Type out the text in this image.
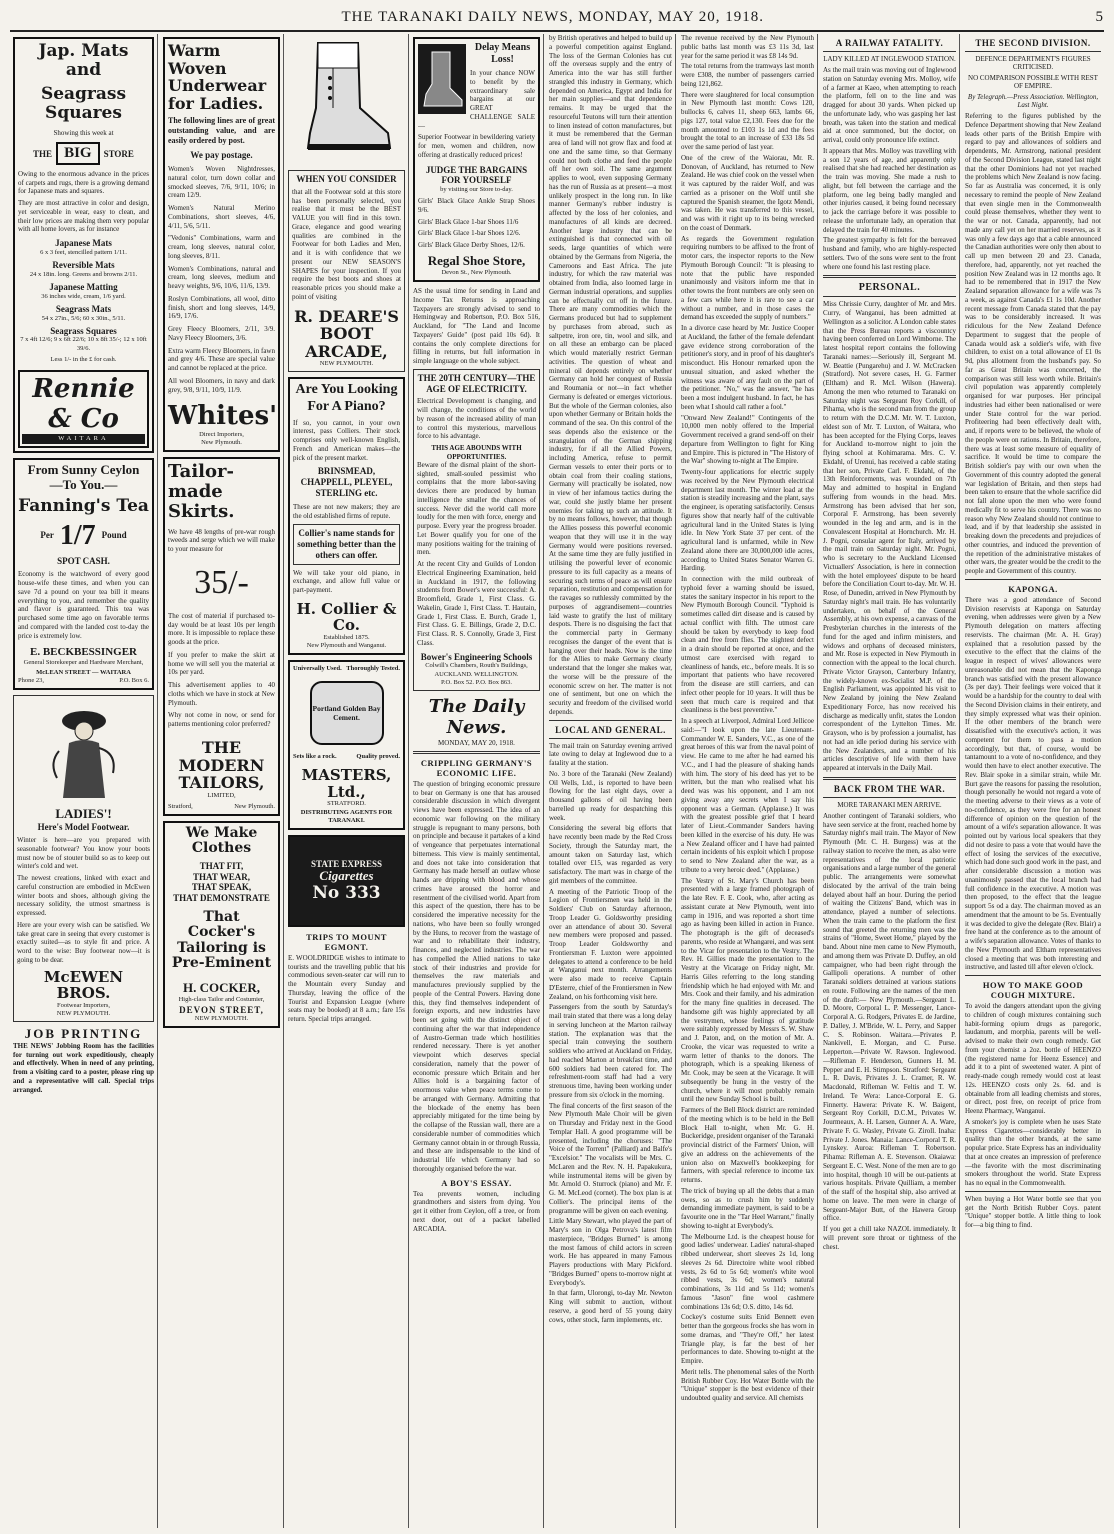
THE TARANAKI DAILY NEWS, MONDAY, MAY 20, 1918.	5
Jap. Mats and
Seagrass Squares
Showing this week at
THE BIG STORE
Owing to the enormous advance in the prices of carpets and rugs, there is a growing demand for Japanese mats and squares.
They are most attractive in color and design, yet serviceable in wear, easy to clean, and their low prices are making them very popular with all home lovers, as for instance
Japanese Mats
6 x 3 feet, stencilled pattern 1/11.
Reversible Mats
24 x 18in. long. Greens and browns 2/11.
Japanese Matting
36 inches wide, cream, 1/6 yard.
Seagrass Mats
54 x 27in., 5/6; 60 x 30in., 5/11.
Seagrass Squares
7 x 4ft 12/6; 9 x 6ft 22/6; 10 x 8ft 35/-; 12 x 10ft 39/6.
Less 1/- in the £ for cash.
Rennie & Co
WAITARA
From Sunny Ceylon
—To You.—
Fanning's Tea
Per 1/7 Pound
SPOT CASH.
Economy is the watchword of every good house-wife these times, and when you can save 7d a pound on your tea bill it means everything to you, and remember the quality and flavor is guaranteed. This tea was purchased some time ago on favorable terms and compared with the landed cost to-day the price is extremely low.
E. BECKBESSINGER
General Storekeeper and Hardware Merchant,
McLEAN STREET — WAITARA
Phone 23,	P.O. Box 6.
LADIES'!
Here's Model Footwear.
Winter is here—are you prepared with seasonable footwear? You know your boots must now be of stouter build so as to keep out winter's cold and wet.
The newest creations, linked with exact and careful construction are embodied in McEwen winter boots and shoes, although giving the necessary solidity, the utmost smartness is expressed.
Here are your every wish can be satisfied. We take great care in seeing that every customer is exactly suited—as to style fit and price. A word to the wise: Buy footwear now—it is going to be dear.
McEWEN BROS.
Footwear Importers,
NEW PLYMOUTH.
JOB PRINTING
THE NEWS' Jobbing Room has the facilities for turning out work expeditiously, cheaply and effectively. When in need of any printing, from a visiting card to a poster, please ring up and a representative will call. Special trips arranged.
Warm Woven Underwear for Ladies.
The following lines are of great outstanding value, and are easily ordered by post.
We pay postage.
Women's Woven Nightdresses, natural color, turn down collar and smocked sleeves, 7/6, 9/11, 10/6; in cream 12/9.
Women's Natural Merino Combinations, short sleeves, 4/6, 4/11, 5/6, 5/11.
"Vedonis" Combinations, warm and cream, long sleeves, natural color, long sleeves, 8/11.
Women's Combinations, natural and cream, long sleeves, medium and heavy weights, 9/6, 10/6, 11/6, 13/9.
Roslyn Combinations, all wool, ditto finish, short and long sleeves, 14/9, 16/9, 17/6.
Grey Fleecy Bloomers, 2/11, 3/9. Navy Fleecy Bloomers, 3/6.
Extra warm Fleecy Bloomers, in fawn and grey 4/6. These are special value and cannot be replaced at the price.
All wool Bloomers, in navy and dark grey, 9/8, 9/11, 10/9, 11/9.
Whites'
Direct Importers,
New Plymouth.
Tailor-made Skirts.
We have 48 lengths of pre-war rough tweeds and serge which we will make to your measure for
35/-
The cost of material if purchased to-day would be at least 10s per length more. It is impossible to replace these goods at the price.
If you prefer to make the skirt at home we will sell you the material at 10s per yard.
This advertisement applies to 40 cloths which we have in stock at New Plymouth.
Why not come in now, or send for patterns mentioning color preferred?
THE MODERN TAILORS,
LIMITED,
Stratford,	New Plymouth.
We Make Clothes
THAT FIT,
THAT WEAR,
THAT SPEAK,
THAT DEMONSTRATE
That Cocker's Tailoring is Pre-Eminent
H. COCKER,
High-class Tailor and Costumier,
DEVON STREET,
NEW PLYMOUTH.
WHEN YOU CONSIDER
that all the Footwear sold at this store has been personally selected, you realise that it must be the BEST VALUE you will find in this town. Grace, elegance and good wearing qualities are combined in the Footwear for both Ladies and Men, and it is with confidence that we present our NEW SEASON'S SHAPES for your inspection. If you require the best boots and shoes at reasonable prices you should make a point of visiting
R. DEARE'S BOOT ARCADE,
NEW PLYMOUTH.
Are You Looking For A Piano?
If so, you cannot, in your own interest, pass Colliers. Their stock comprises only well-known English, French and American makes—the pick of the present market.
BRINSMEAD, CHAPPELL, PLEYEL, STERLING etc.
These are not new makers; they are the old established firms of repute.
Collier's name stands for something better than the others can offer.
We will take your old piano, in exchange, and allow full value or part-payment.
H. Collier & Co.
Established 1875.
New Plymouth and Wanganui.
Universally Used. Thoroughly Tested.
Portland Golden Bay Cement.
Sets like a rock.	Quality proved.
MASTERS, Ltd.,
STRATFORD.
DISTRIBUTING AGENTS FOR TARANAKI.
STATE EXPRESS
Cigarettes
No 333
TRIPS TO MOUNT EGMONT.
E. WOOLDRIDGE wishes to intimate to tourists and the travelling public that his commodious seven-seater car will run to the Mountain every Sunday and Thursday, leaving the office of the Tourist and Expansion League (where seats may be booked) at 8 a.m.; fare 15s return. Special trips arranged.
Delay Means Loss!
In your chance NOW to benefit by the extraordinary sale bargains at our GREAT CHALLENGE SALE—
Superior Footwear in bewildering variety for men, women and children, now offering at drastically reduced prices!
JUDGE THE BARGAINS FOR YOURSELF
by visiting our Store to-day.
Girls' Black Glace Ankle Strap Shoes 9/6.
Girls' Black Glace 1-bar Shoes 11/6
Girls' Black Glace 1-bar Shoes 12/6.
Girls' Black Glace Derby Shoes, 12/6.
Regal Shoe Store,
Devon St., New Plymouth.
AS the usual time for sending in Land and Income Tax Returns is approaching Taxpayers are strongly advised to send to Hemingway and Robertson, P.O. Box 516, Auckland, for "The Land and Income Taxpayers' Guide" (post paid 10s 6d). It contains the only complete directions for filling in returns, but full information in simple language on the whole subject.
THE 20TH CENTURY—THE AGE OF ELECTRICITY.
Electrical Development is changing, and will change, the conditions of the world by reason of the increased ability of man to control this mysterious, marvellous force to his advantage.
THIS AGE ABOUNDS WITH OPPORTUNITIES.
Beware of the dismal plaint of the short-sighted, small-souled pessimist who complains that the more labor-saving devices there are produced by human intelligence the smaller the chances of success. Never did the world call more loudly for the men with force, energy and purpose. Every year the progress broader. Let Bower qualify you for one of the many positions waiting for the training of men.
At the recent City and Guilds of London Electrical Engineering Examination, held in Auckland in 1917, the following students from Bower's were successful: A. Broomfield, Grade 1, First Class. G. Wakelin, Grade 1, First Class. T. Hautain, Grade 1, First Class. E. Burch, Grade 1, First Class. G. E. Billings, Grade 2, D.C. First Class. R. S. Connolly, Grade 3, First Class.
Bower's Engineering Schools
Colwill's Chambers, Routh's Buildings,
AUCKLAND. WELLINGTON.
P.O. Box 52. P.O. Box 863.
The Daily News.
MONDAY, MAY 20, 1918.
CRIPPLING GERMANY'S ECONOMIC LIFE.
The question of bringing economic pressure to bear on Germany is one that has aroused considerable discussion in which divergent views have been expressed. The idea of an economic war following on the military struggle is repugnant to many persons, both on principle and because it partakes of a kind of vengeance that perpetuates international bitterness. This view is mainly sentimental, and does not take into consideration that Germany has made herself an outlaw whose hands are dripping with blood and whose crimes have aroused the horror and resentment of the civilised world. Apart from this aspect of the question, there has to be considered the imperative necessity for the nations, who have been so foully wronged by the Huns, to recover from the wastage of war and to rehabilitate their industry, finances, and neglected industries. The war has compelled the Allied nations to take stock of their industries and provide for themselves the raw materials and manufactures previously supplied by the people of the Central Powers. Having done this, they find themselves independent of foreign exports, and new industries have been set going with the distinct object of continuing after the war that independence of Austro-German trade which hostilities rendered necessary. There is yet another viewpoint which deserves special consideration, namely that the power of economic pressure which Britain and her Allies hold is a bargaining factor of enormous value when peace terms come to be arranged with Germany. Admitting that the blockade of the enemy has been appreciably mitigated for the time being by the collapse of the Russian wall, there are a considerable number of commodities which Germany cannot obtain in or through Russia, and these are indispensable to the kind of industrial life which Germany had so thoroughly organised before the war.
A BOY'S ESSAY.
Tea prevents women, including grandmothers and sisters from dying. You get it either from Ceylon, off a tree, or from next door, out of a packet labelled ARCADIA.
by British operatives and helped to build up a powerful competition against England. The loss of the German Colonies has cut off the overseas supply and the entry of America into the war has still further strangled this industry in Germany, which depended on America, Egypt and India for her main supplies—and that dependence remains. It may be urged that the resourceful Teutons will turn their attention to linen instead of cotton manufactures, but it must be remembered that the German area of land will not grow flax and food at one and the same time, so that Germany could not both clothe and feed the people off her own soil. The same argument applies to wool, even supposing Germany has the run of Russia as at present—a most unlikely prospect in the long run. In like manner Germany's rubber industry is affected by the loss of her colonies, and manufactures of all kinds are decreed. Another large industry that can be extinguished is that connected with oil seeds, large quantities of which were obtained by the Germans from Nigeria, the Cameroons and East Africa. The jute industry, for which the raw material was obtained from India, also loomed large in German industrial operations, and supplies can be effectually cut off in the future. There are many commodities which the Germans produced but had to supplement by purchases from abroad, such as saltpetre, iron ore, tin, wool and silk, and on all these an embargo can be placed which would materially restrict German activities. The question of wheat and mineral oil depends entirely on whether Germany can hold her conquest of Russia and Roumania or not—in fact whether Germany is defeated or emerges victorious. But the whole of the German colonies, also upon whether Germany or Britain holds the command of the sea. On this control of the seas depends also the existence or the strangulation of the German shipping industry, for if all the Allied Powers, including America, refuse to permit German vessels to enter their ports or to obtain coal from their coaling stations, Germany will practically be isolated, now in view of her infamous tactics during the war, could she justly blame her present enemies for taking up such an attitude. It by no means follows, however, that though the Allies possess this powerful economic weapon that they will use it in the way Germany would were positions reversed. At the same time they are fully justified in utilising the powerful lever of economic pressure to its full capacity as a means of securing such terms of peace as will ensure reparation, restitution and compensation for the ravages so ruthlessly committed by the purposes of aggrandisement—countries laid waste to gratify the lust of military despots. There is no disguising the fact that the commercial party in Germany recognises the danger of the event that is hanging over their heads. Now is the time for the Allies to make Germany clearly understand that the longer she makes war, the worse will be the pressure of the economic screw on her. The matter is not one of sentiment, but one on which the security and freedom of the civilised world depends.
LOCAL AND GENERAL.
The mail train on Saturday evening arrived late owing to delay at Inglewood due to a fatality at the station.
No. 3 bore of the Taranaki (New Zealand) Oil Wells, Ltd., is reported to have been flowing for the last eight days, over a thousand gallons of oil having been barrelled up ready for despatching this week.
Considering the several big efforts that have recently been made by the Red Cross Society, through the Saturday mart, the amount taken on Saturday last, which totalled over £15, was regarded as very satisfactory. The mart was in charge of the girl members of the committee.
A meeting of the Patriotic Troop of the Legion of Frontiersmen was held in the Soldiers' Club on Saturday afternoon, Troop Leader G. Goldsworthy presiding over an attendance of about 30. Several new members were proposed and passed. Troop Leader Goldsworthy and Frontiersman F. Luxton were appointed delegates to attend a conference to be held at Wanganui next month. Arrangements were also made to receive Captain D'Esterre, chief of the Frontiersmen in New Zealand, on his forthcoming visit here.
Passengers from the south by Saturday's mail train stated that there was a long delay in serving luncheon at the Marton railway station. The explanation was that the special train conveying the southern soldiers who arrived at Auckland on Friday, had reached Marton at breakfast time, and 600 soldiers had been catered for. The refreshment-room staff had had a very strenuous time, having been working under pressure from six o'clock in the morning.
The final concerts of the first season of the New Plymouth Male Choir will be given on Thursday and Friday next in the Good Templar Hall. A good programme will be presented, including the choruses: "The Voice of the Torrent" (Palliard) and Balfe's "Excelsior." The vocalists will be Mrs. C. McLaren and the Rev. N. H. Papakukura, while instrumental items will be given by Mr. Arnold O. Sturrock (piano) and Mr. F. G. M. McLeod (cornet). The box plan is at Collier's. The principal items of the programme will be given on each evening.
Little Mary Stewart, who played the part of Mary's son in Olga Petrova's latest film masterpiece, "Bridges Burned" is among the most famous of child actors in screen work. He has appeared in many Famous Players productions with Mary Pickford. "Bridges Burned" opens to-morrow night at Everybody's.
In that farm, Ulorongi, to-day Mr. Newton King will submit to auction, without reserve, a good herd of 55 young dairy cows, other stock, farm implements, etc.
The revenue received by the New Plymouth public baths last month was £3 11s 3d, last year for the same period it was £8 14s 9d.
The total returns from the tramways last month were £308, the number of passengers carried being 121,862.
There were slaughtered for local consumption in New Plymouth last month: Cows 120, bullocks 6, calves 11, sheep 663, lambs 66, pigs 127, total value £2,130. Fees due for the month amounted to £103 1s 1d and the fees brought the total to an increase of £33 18s 5d over the same period of last year.
One of the crew of the Waiorau, Mr. R. Donovan, of Auckland, has returned to New Zealand. He was chief cook on the vessel when it was captured by the raider Wolf, and was carried as a prisoner on the Wolf until she captured the Spanish steamer, the Igotz Mendi, was taken. He was transferred to this vessel, and was with it right up to its being wrecked on the coast of Denmark.
As regards the Government regulation requiring numbers to be affixed to the front of motor cars, the inspector reports to the New Plymouth Borough Council: "It is pleasing to note that the public have responded unanimously and visitors inform me that in other towns the front numbers are only seen on a few cars while here it is rare to see a car without a number, and in those cases the demand has exceeded the supply of numbers."
In a divorce case heard by Mr. Justice Cooper at Auckland, the father of the female defendant gave evidence strong corroboration of the petitioner's story, and in proof of his daughter's misconduct. His Honour remarked upon the unusual situation, and asked whether the witness was aware of any fault on the part of the petitioner. "No," was the answer, "he has been a most indulgent husband. In fact, he has been what I should call rather a fool."
"Onward New Zealand!" Contingents of the 10,000 men nobly offered to the Imperial Government received a grand send-off on their departure from Wellington to fight for King and Empire. This is pictured in "The History of the War" showing to-night at The Empire.
Twenty-four applications for electric supply was received by the New Plymouth electrical department last month. The winter load at the station is steadily increasing and the plant, says the engineer, is operating satisfactorily. Census figures show that nearly half of the cultivable agricultural land in the United States is lying idle. In New York State 37 per cent. of the agricultural land is unfarmed, while in New Zealand alone there are 30,000,000 idle acres, according to United States Senator Warren G. Harding.
In connection with the mild outbreak of typhoid fever a warning should be issued, states the sanitary inspector in his report to the New Plymouth Borough Council. "Typhoid is sometimes called dirt disease and is caused by actual conflict with filth. The utmost care should be taken by everybody to keep food clean and free from flies. The slightest defect in a drain should be reported at once, and the utmost care exercised with regard to cleanliness of hands, etc., before meals. It is so important that patients who have recovered from the disease are still carriers, and can infect other people for 10 years. It will thus be seen that much care is required and that cleanliness is the best preventive."
In a speech at Liverpool, Admiral Lord Jellicoe said:—"I look upon the late Lieutenant-Commander W. E. Sanders, V.C., as one of the great heroes of this war from the naval point of view. He came to me after he had earned his V.C., and I had the pleasure of shaking hands with him. The story of his deed has yet to be written, but the man who realised what his deed was was his opponent, and I am not giving away any secrets when I say his opponent was a German. (Applause.) It was with the greatest possible grief that I heard later of Lieut.-Commander Sanders having been killed in the exercise of his duty. He was a New Zealand officer and I have had painted certain incidents of his exploit which I propose to send to New Zealand after the war, as a tribute to a very heroic deed." (Applause.)
The Vestry of St. Mary's Church has been presented with a large framed photograph of the late Rev. F. E. Cook, who, after acting as assistant curate at New Plymouth, went into camp in 1916, and was reported a short time ago as having been killed in action in France. The photograph is the gift of deceased's parents, who reside at Whangarei, and was sent to the Vicar for presentation to the Vestry. The Rev. H. Gillies made the presentation to the Vestry at the Vicarage on Friday night, Mr. Harris Giles referring to the long standing friendship which he had enjoyed with Mr. and Mrs. Cook and their family, and his admiration for the many fine qualities in deceased. The handsome gift was highly appreciated by all the vestrymen, whose feelings of gratitude were suitably expressed by Messrs S. W. Shaw and J. Paton, and, on the motion of Mr. A. Crooke, the vicar was requested to write a warm letter of thanks to the donors. The photograph, which is a speaking likeness of Mr. Cook, may be seen at the Vicarage. It will subsequently be hung in the vestry of the church, where it will most probably remain until the new Sunday School is built.
Farmers of the Bell Block district are reminded of the meeting which is to be held in the Bell Block Hall to-night, when Mr. G. H. Buckeridge, president organiser of the Taranaki provincial district of the Farmers' Union, will give an address on the achievements of the union also on Maxwell's bookkeeping for farmers, with special reference to income tax returns.
The trick of buying up all the debts that a man owes, so as to crush him by suddenly demanding immediate payment, is said to be a favourite one in the "Tar Heel Warrant," finally showing to-night at Everybody's.
The Melbourne Ltd. is the cheapest house for good ladies' underwear. Ladies' natural-shaped ribbed underwear, short sleeves 2s 1d, long sleeves 2s 6d. Directoire white wool ribbed vests, 2s 6d to 5s 6d; women's white wool ribbed vests, 3s 6d; women's natural combinations, 3s 11d and 5s 11d; women's famous "Jason" fine wool cashmere combinations 13s 6d; O.S. ditto, 14s 6d.
Cockey's costume suits Enid Bennett even better than the gorgeous frocks she has worn in some dramas, and "They're Off," her latest Triangle play, is far the best of her performances to date. Showing to-night at the Empire.
Merit tells. The phenomenal sales of the North British Rubber Coy. Hot Water Bottle with the "Unique" stopper is the best evidence of their undoubted quality and service. All chemists
A RAILWAY FATALITY.
LADY KILLED AT INGLEWOOD STATION.
As the mail train was moving out of Inglewood station on Saturday evening Mrs. Molloy, wife of a farmer at Kaeo, when attempting to reach the platform, fell on to the line and was dragged for about 30 yards. When picked up the unfortunate lady, who was gasping her last breath, was taken into the station and medical aid at once summoned, but the doctor, on arrival, could only pronounce life extinct.
It appears that Mrs. Molloy was travelling with a son 12 years of age, and apparently only realised that she had reached her destination as the train was moving. She made a rush to alight, but fell between the carriage and the platform, one leg being badly mangled and other injuries caused, it being found necessary to jack the carriage before it was possible to release the unfortunate lady, an operation that delayed the train for 40 minutes.
The greatest sympathy is felt for the bereaved husband and family, who are highly-respected settlers. Two of the sons were sent to the front where one found his last resting place.
PERSONAL.
Miss Chrissie Curry, daughter of Mr. and Mrs. Curry, of Wanganui, has been admitted at Wellington as a solicitor. A London cable states that the Press Bureau reports a viscountcy having been conferred on Lord Wimborne. The latest hospital report contains the following Taranaki names:—Seriously ill, Sergeant M. W. Beattie (Pungarehu) and J. W. McCracken (Stratford). Not severe cases, H. G. Farmer (Eltham) and R. McI. Wilson (Hawera). Among the men who returned to Taranaki on Saturday night was Sergeant Roy Corkill, of Pihama, who is the second man from the group to return with the D.C.M. Mr. W. T. Luxton, eldest son of Mr. T. Luxton, of Waitara, who has been accepted for the Flying Corps, leaves for Auckland to-morrow night to join the flying school at Kohimarama. Mrs. C. V. Ekdahl, of Urenui, has received a cable stating that her son, Private Carl. F. Ekdahl, of the 13th Reinforcements, was wounded on 7th May and admitted to hospital in England suffering from wounds in the head. Mrs. Armstrong has been advised that her son, Corporal F. Armstrong, has been severely wounded in the leg and arm, and is in the Convalescent Hospital at Hornchurch. Mr. H. J. Pogni, consular agent for Italy, arrived by the mail train on Saturday night. Mr. Pogni, who is secretary to the Auckland Licensed Victuallers' Association, is here in connection with the hotel employees' dispute to be heard before the Conciliation Court to-day. Mr. W. H. Rose, of Dunedin, arrived in New Plymouth by Saturday night's mail train. He has voluntarily undertaken, on behalf of the General Assembly, at his own expense, a canvass of the Presbyterian churches in the interests of the fund for the aged and infirm ministers, and widows and orphans of deceased ministers, and Mr. Rose is expected in New Plymouth in connection with the appeal to the local church. Private Victor Grayson, Canterbury Infantry, the widely-known ex-Socialist M.P. of the English Parliament, was appointed his visit to New Zealand by joining the New Zealand Expeditionary Force, has now received his discharge as medically unfit, states the London correspondent of the Lyttelton Times. Mr. Grayson, who is by profession a journalist, has not had an idle period during his service with the New Zealanders, and a number of his articles descriptive of life with them have appeared at intervals in the Daily Mail.
BACK FROM THE WAR.
MORE TARANAKI MEN ARRIVE.
Another contingent of Taranaki soldiers, who have seen service at the front, reached home by Saturday night's mail train. The Mayor of New Plymouth (Mr. C. H. Burgess) was at the railway station to receive the men, as also were representatives of the local patriotic organisations and a large number of the general public. The arrangements were somewhat dislocated by the arrival of the train being delayed about half an hour. During the period of waiting the Citizens' Band, which was in attendance, played a number of selections. When the train came to the platform the first sound that greeted the returning men was the strains of "Home, Sweet Home," played by the band. About nine men came to New Plymouth, and among them was Private D. Duffey, an old campaigner, who had been right through the Gallipoli operations. A number of other Taranaki soldiers detrained at various stations en route. Following are the names of the men of the draft:— New Plymouth.—Sergeant L. D. Moore, Corporal L. P. Messenger, Lance-Corporal A. G. Rodgers, Privates E. de Jardine, P. Dalley, J. M'Bride, W. L. Perry, and Sapper C. S. Robinson. Waitara.—Privates P. Nankivell, E. Morgan, and C. Purse. Lepperton.—Private W. Rawson. Inglewood.—Rifleman F. Henderson, Gunners H. M. Pepper and E. H. Stimpson. Stratford: Sergeant L. R. Davis, Privates J. L. Cramer, R. W. Macdonald, Rifleman W. Feltis and T. W. Ireland. Te Wera: Lance-Corporal E. G. Finnerty. Hawera: Private K. W. Baigent, Sergeant Roy Corkill, D.C.M., Privates W. Jourmeaux, A. H. Larsen, Gunner A. A. Ware, Private F. G. Wasley, Private G. Ziroll. Inaha: Private J. Jones. Manaia: Lance-Corporal T. R. Lynskey. Auroa: Rifleman T. Robertson. Pihama: Rifleman A. E. Stevenson. Okaiawa: Sergeant E. C. West. None of the men are to go into hospital, though 10 will be out-patients at various hospitals. Private Quilliam, a member of the staff of the hospital ship, also arrived at home on leave. The men were in charge of Sergeant-Major Butt, of the Hawera Group office.
If you get a chill take NAZOL immediately. It will prevent sore throat or tightness of the chest.
THE SECOND DIVISION.
DEFENCE DEPARTMENT'S FIGURES CRITICISED.
NO COMPARISON POSSIBLE WITH REST OF EMPIRE.
By Telegraph.—Press Association. Wellington, Last Night.
Referring to the figures published by the Defence Department showing that New Zealand leads other parts of the British Empire with regard to pay and allowances of soldiers and dependents, Mr. Armstrong, national president of the Second Division League, stated last night that the other Dominions had not yet reached the problems which New Zealand is now facing. So far as Australia was concerned, it is only necessary to remind the people of New Zealand that even single men in the Commonwealth could please themselves, whether they went to the war or not. Canada, apparently, had not made any call yet on her married reserves, as it was only a few days ago that a cable announced the Canadian authorities were only then about to call up men between 20 and 23. Canada, therefore, had, apparently, not yet reached the position New Zealand was in 12 months ago. It had to be remembered that in 1917 the New Zealand separation allowance for a wife was 7s a week, as against Canada's £1 1s 10d. Another recent message from Canada stated that the pay was to be considerably increased. It was ridiculous for the New Zealand Defence Department to suggest that the people of Canada would ask a soldier's wife, with five children, to exist on a total allowance of £1 0s 9d, plus allotment from the husband's pay. So far as Great Britain was concerned, the comparison was still less worth while. Britain's civil population was apparently completely organised for war purposes. Her principal industries had either been nationalised or were under State control for the war period. Profiteering had been effectively dealt with, and, if reports were to be believed, the whole of the people were on rations. In Britain, therefore, there was at least some measure of equality of sacrifice. It would be time to compare the British soldier's pay with our own when the Government of this country adopted the general war legislation of Britain, and then steps had been taken to ensure that the whole sacrifice did not fall alone upon the men who were found medically fit to serve his country. There was no reason why New Zealand should not continue to lead, and if by that leadership she assisted in breaking down the precedents and prejudices of other countries, and induced the prevention of the repetition of the administrative mistakes of other wars, the greater would be the credit to the people and Government of this country.
KAPONGA.
There was a good attendance of Second Division reservists at Kaponga on Saturday evening, when addresses were given by a New Plymouth delegation on matters affecting reservists. The chairman (Mr. A. H. Gray) explained that a resolution passed by the executive to the effect that the claims of the league in respect of wives' allowances were unreasonable did not mean that the Kaponga branch was satisfied with the present allowance (3s per day). Their feelings were voiced that it would be a hardship for the country to deal with the Second Division claims in their entirety, and they simply expressed what was their opinion. If the other members of the branch were dissatisfied with the executive's action, it was competent for them to pass a motion accordingly, but that, of course, would be tantamount to a vote of no-confidence, and they would then have to elect another executive. The Rev. Blair spoke in a similar strain, while Mr. Burt gave the reasons for passing the resolution, though personally he would not regard a vote of the meeting adverse to their views as a vote of no-confidence, as they were free for an honest difference of opinion on the question of the amount of a wife's separation allowance. It was pointed out by various local speakers that they did not desire to pass a vote that would have the effect of losing the services of the executive, which had done such good work in the past, and after considerable discussion a motion was unanimously passed that the local branch had full confidence in the executive. A motion was then proposed, to the effect that the league support 5s od a day. The chairman moved as an amendment that the amount to be 5s. Eventually it was decided to give the delegate (Rev. Blair) a free hand at the conference as to the amount of a wife's separation allowance. Votes of thanks to the New Plymouth and Eltham representatives closed a meeting that was both interesting and instructive, and lasted till after eleven o'clock.
HOW TO MAKE GOOD COUGH MIXTURE.
To avoid the dangers attendant upon the giving to children of cough mixtures containing such habit-forming opium drugs as paregoric, laudanum, and morphia, parents will be well-advised to make their own cough remedy. Get from your chemist a 2oz. bottle of HEENZO (the registered name for Heenz Essence) and add it to a pint of sweetened water. A pint of ready-made cough remedy would cost at least 12s. HEENZO costs only 2s. 6d. and is obtainable from all leading chemists and stores, or direct, post free, on receipt of price from Heenz Pharmacy, Wanganui.
A smoker's joy is complete when he uses State Express Cigarettes—considerably better in quality than the other brands, at the same popular price. State Express has an individuality that at once creates an impression of preference—the favorite with the most discriminating smokers throughout the world. State Express has no equal in the Commonwealth.
When buying a Hot Water bottle see that you get the North British Rubber Coys. patent "Unique" stopper bottle. A little thing to look for—a big thing to find.
